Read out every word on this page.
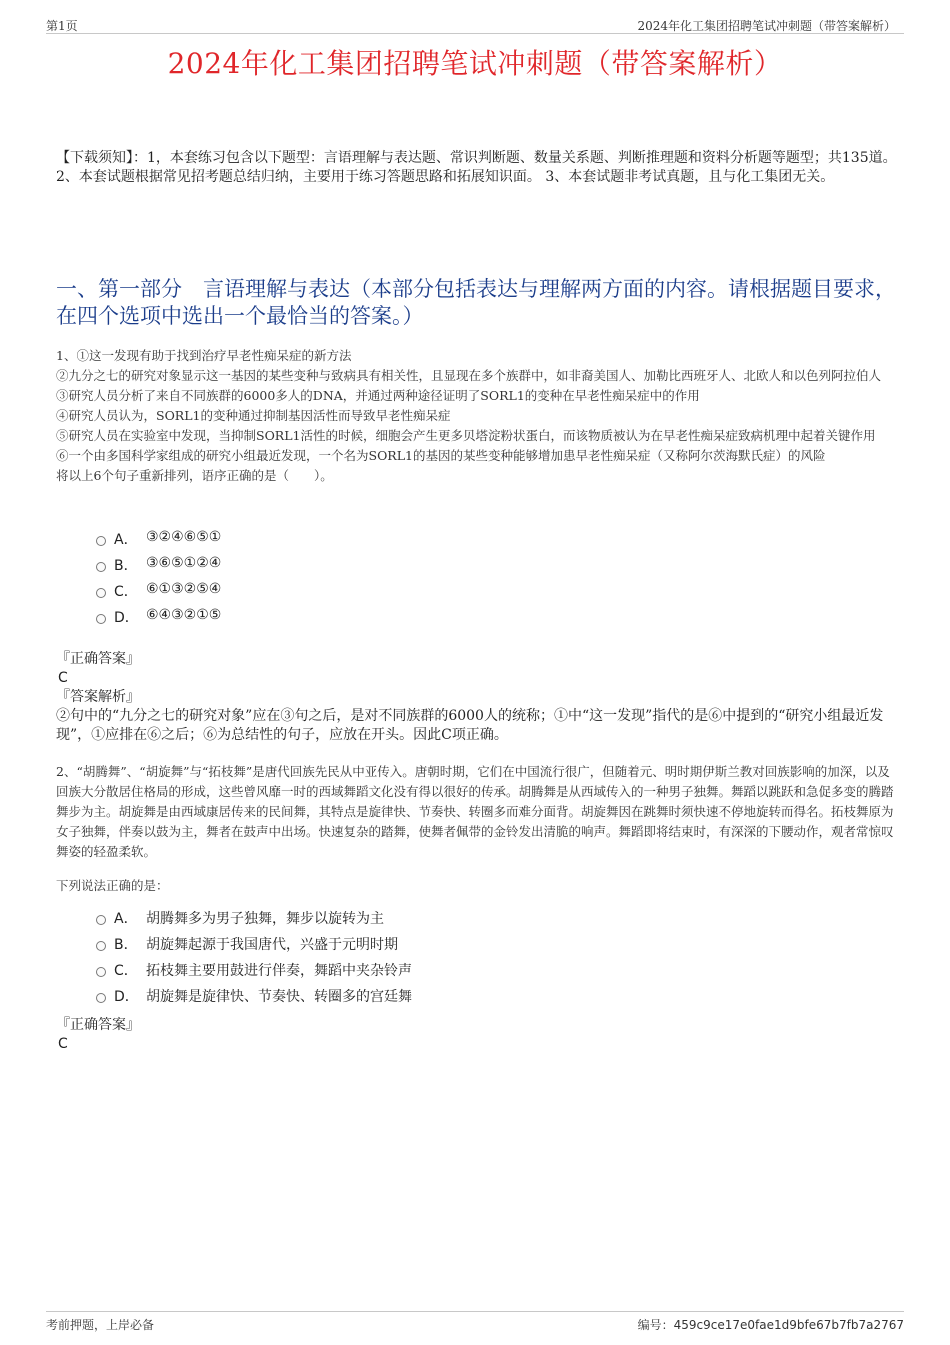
第1页	2024年化工集团招聘笔试冲刺题（带答案解析）
2024年化工集团招聘笔试冲刺题（带答案解析）
【下载须知】：1，本套练习包含以下题型：言语理解与表达题、常识判断题、数量关系题、判断推理题和资料分析题等题型；共135道。 2、本套试题根据常见招考题总结归纳，主要用于练习答题思路和拓展知识面。 3、本套试题非考试真题，且与化工集团无关。
一、第一部分　言语理解与表达（本部分包括表达与理解两方面的内容。请根据题目要求，在四个选项中选出一个最恰当的答案。）

1、①这一发现有助于找到治疗早老性痴呆症的新方法

②九分之七的研究对象显示这一基因的某些变种与致病具有相关性，且显现在多个族群中，如非裔美国人、加勒比西班牙人、北欧人和以色列阿拉伯人

③研究人员分析了来自不同族群的6000多人的DNA，并通过两种途径证明了SORL1的变种在早老性痴呆症中的作用

④研究人员认为，SORL1的变种通过抑制基因活性而导致早老性痴呆症

⑤研究人员在实验室中发现，当抑制SORL1活性的时候，细胞会产生更多贝塔淀粉状蛋白，而该物质被认为在早老性痴呆症致病机理中起着关键作用

⑥一个由多国科学家组成的研究小组最近发现，一个名为SORL1的基因的某些变种能够增加患早老性痴呆症（又称阿尔茨海默氏症）的风险

将以上6个句子重新排列，语序正确的是（　　）。

A． ③②④⑥⑤①
B． ③⑥⑤①②④
C． ⑥①③②⑤④
D． ⑥④③②①⑤
『正确答案』
C
『答案解析』
②句中的“九分之七的研究对象”应在③句之后，是对不同族群的6000人的统称；①中“这一发现”指代的是⑥中提到的“研究小组最近发现”，①应排在⑥之后；⑥为总结性的句子，应放在开头。因此C项正确。

2、“胡腾舞”、“胡旋舞”与“拓枝舞”是唐代回族先民从中亚传入。唐朝时期，它们在中国流行很广，但随着元、明时期伊斯兰教对回族影响的加深，以及回族大分散居住格局的形成，这些曾风靡一时的西域舞蹈文化没有得以很好的传承。胡腾舞是从西域传入的一种男子独舞。舞蹈以跳跃和急促多变的腾踏舞步为主。胡旋舞是由西域康居传来的民间舞，其特点是旋律快、节奏快、转圈多而难分面背。胡旋舞因在跳舞时须快速不停地旋转而得名。拓枝舞原为女子独舞，伴奏以鼓为主，舞者在鼓声中出场。快速复杂的踏舞，使舞者佩带的金铃发出清脆的响声。舞蹈即将结束时，有深深的下腰动作，观者常惊叹舞姿的轻盈柔软。

下列说法正确的是：

A． 胡腾舞多为男子独舞，舞步以旋转为主
B． 胡旋舞起源于我国唐代，兴盛于元明时期
C． 拓枝舞主要用鼓进行伴奏，舞蹈中夹杂铃声
D． 胡旋舞是旋律快、节奏快、转圈多的宫廷舞
『正确答案』
C
考前押题，上岸必备	编号：459c9ce17e0fae1d9bfe67b7fb7a2767
